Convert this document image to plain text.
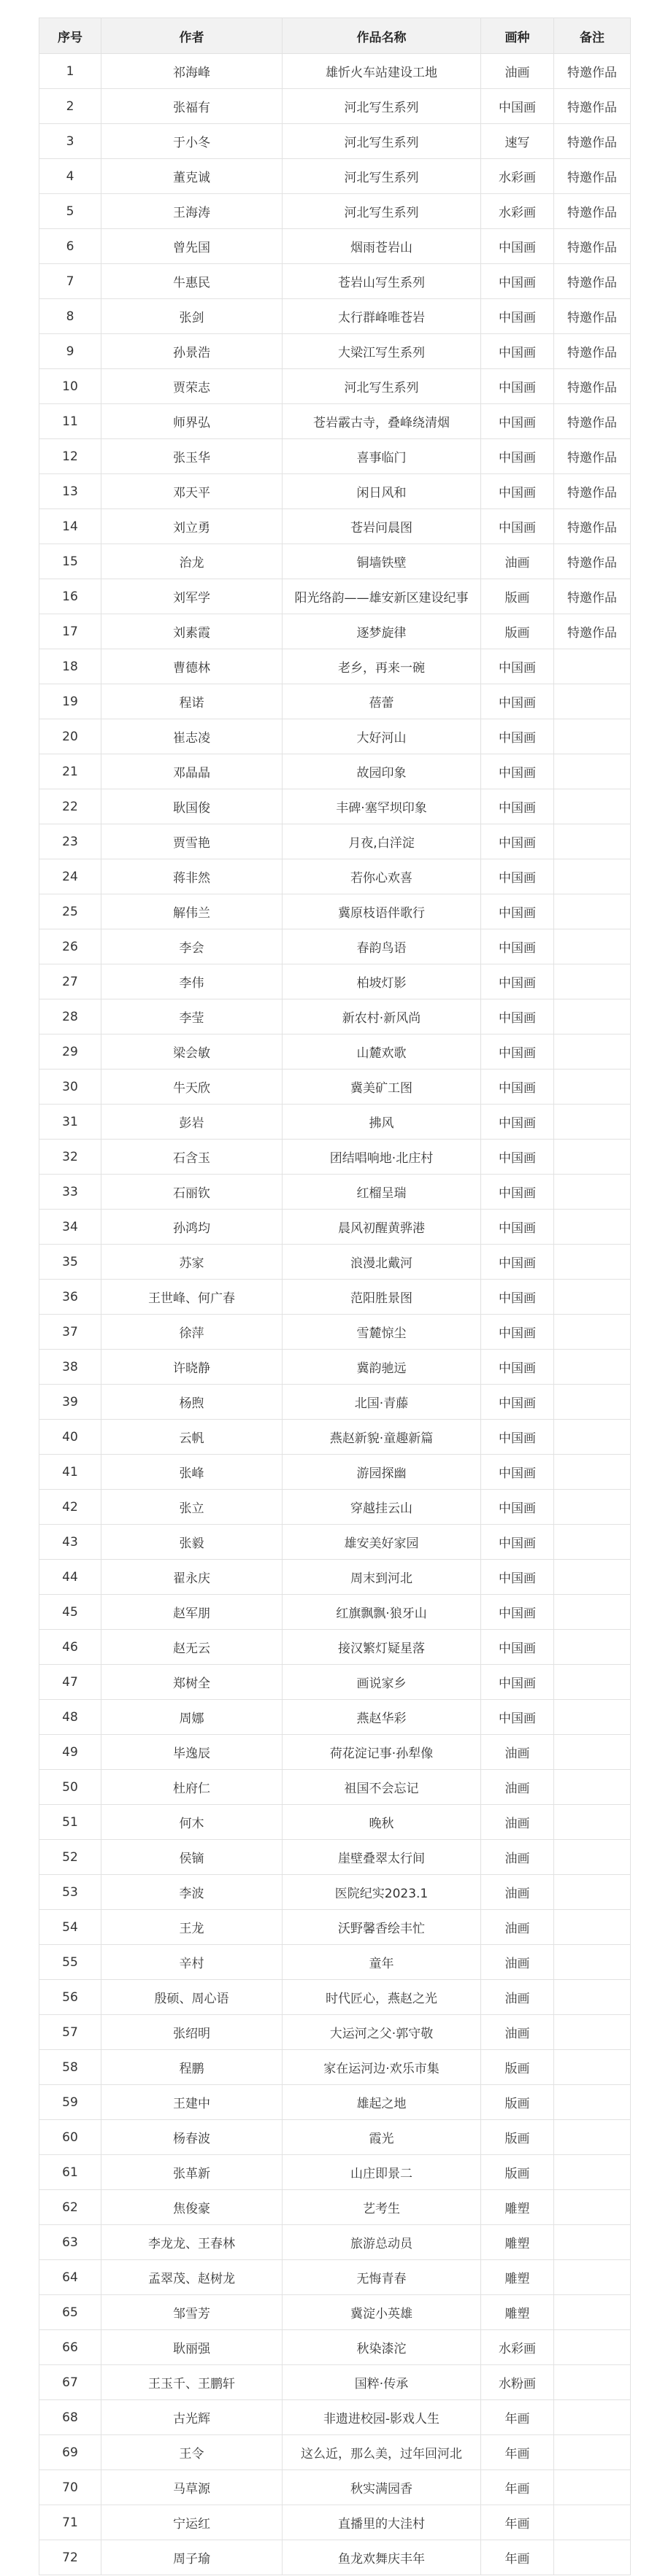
序号	作者	作品名称	画种	备注
1	祁海峰	雄忻火车站建设工地	油画	特邀作品
2	张福有	河北写生系列	中国画	特邀作品
3	于小冬	河北写生系列	速写	特邀作品
4	董克诚	河北写生系列	水彩画	特邀作品
5	王海涛	河北写生系列	水彩画	特邀作品
6	曾先国	烟雨苍岩山	中国画	特邀作品
7	牛惠民	苍岩山写生系列	中国画	特邀作品
8	张剑	太行群峰唯苍岩	中国画	特邀作品
9	孙景浩	大梁江写生系列	中国画	特邀作品
10	贾荣志	河北写生系列	中国画	特邀作品
11	师界弘	苍岩霰古寺，叠峰绕清烟	中国画	特邀作品
12	张玉华	喜事临门	中国画	特邀作品
13	邓天平	闲日风和	中国画	特邀作品
14	刘立勇	苍岩问晨图	中国画	特邀作品
15	治龙	铜墙铁壁	油画	特邀作品
16	刘军学	阳光络韵——雄安新区建设纪事	版画	特邀作品
17	刘素霞	逐梦旋律	版画	特邀作品
18	曹德林	老乡，再来一碗	中国画	
19	程诺	蓓蕾	中国画	
20	崔志凌	大好河山	中国画	
21	邓晶晶	故园印象	中国画	
22	耿国俊	丰碑·塞罕坝印象	中国画	
23	贾雪艳	月夜,白洋淀	中国画	
24	蒋非然	若你心欢喜	中国画	
25	解伟兰	冀原枝语伴歌行	中国画	
26	李会	春韵鸟语	中国画	
27	李伟	柏坡灯影	中国画	
28	李莹	新农村·新风尚	中国画	
29	梁会敏	山麓欢歌	中国画	
30	牛天欣	冀美矿工图	中国画	
31	彭岩	拂风	中国画	
32	石含玉	团结唱响地·北庄村	中国画	
33	石丽钦	红榴呈瑞	中国画	
34	孙鸿均	晨风初醒黄骅港	中国画	
35	苏家	浪漫北戴河	中国画	
36	王世峰、何广春	范阳胜景图	中国画	
37	徐萍	雪麓惊尘	中国画	
38	许晓静	冀韵驰远	中国画	
39	杨煦	北国·青藤	中国画	
40	云帆	燕赵新貌·童趣新篇	中国画	
41	张峰	游园探幽	中国画	
42	张立	穿越挂云山	中国画	
43	张毅	雄安美好家园	中国画	
44	翟永庆	周末到河北	中国画	
45	赵军朋	红旗飘飘·狼牙山	中国画	
46	赵无云	接汉繁灯疑星落	中国画	
47	郑树全	画说家乡	中国画	
48	周娜	燕赵华彩	中国画	
49	毕逸辰	荷花淀记事·孙犁像	油画	
50	杜府仁	祖国不会忘记	油画	
51	何木	晚秋	油画	
52	侯镝	崖壁叠翠太行间	油画	
53	李波	医院纪实2023.1	油画	
54	王龙	沃野馨香绘丰忙	油画	
55	辛村	童年	油画	
56	殷硕、周心语	时代匠心，燕赵之光	油画	
57	张绍明	大运河之父·郭守敬	油画	
58	程鹏	家在运河边·欢乐市集	版画	
59	王建中	雄起之地	版画	
60	杨春波	霞光	版画	
61	张革新	山庄即景二	版画	
62	焦俊豪	艺考生	雕塑	
63	李龙龙、王春林	旅游总动员	雕塑	
64	孟翠茂、赵树龙	无悔青春	雕塑	
65	邹雪芳	冀淀小英雄	雕塑	
66	耿丽强	秋染漆沱	水彩画	
67	王玉千、王鹏轩	国粹·传承	水粉画	
68	古光辉	非遗进校园-影戏人生	年画	
69	王令	这么近，那么美，过年回河北	年画	
70	马草源	秋实满园香	年画	
71	宁运红	直播里的大洼村	年画	
72	周子瑜	鱼龙欢舞庆丰年	年画	
